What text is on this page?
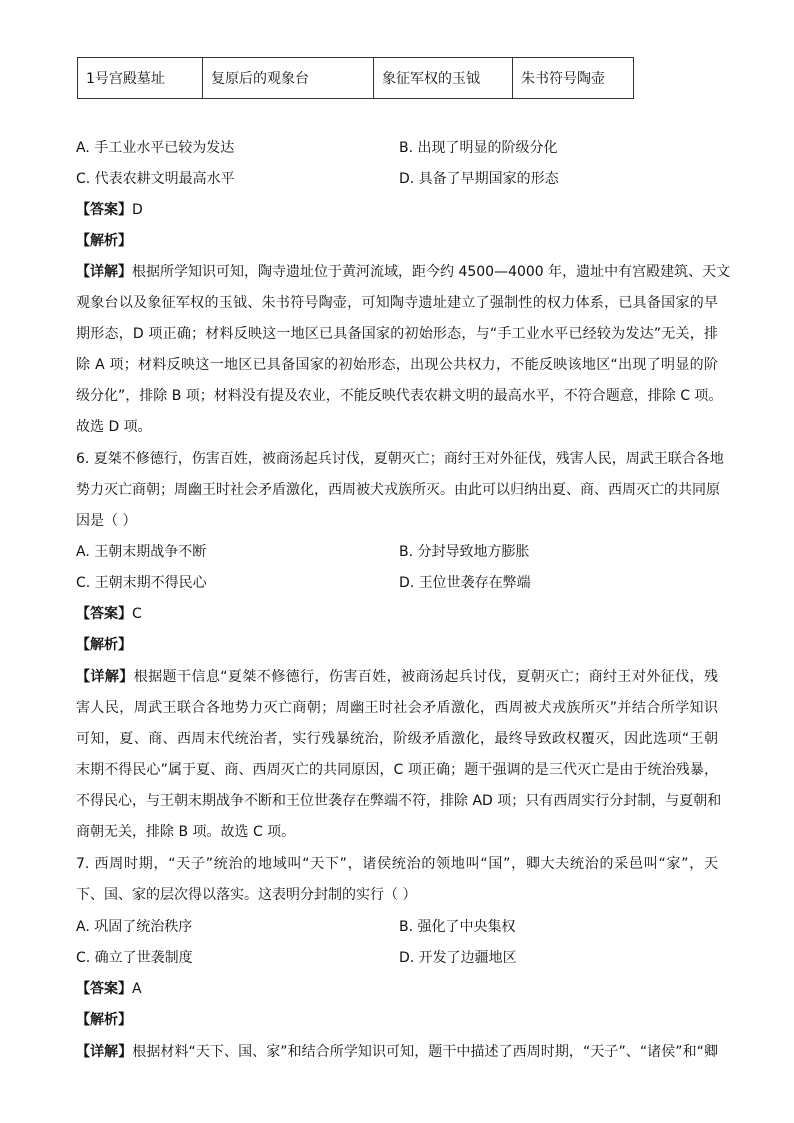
1号宫殿墓址	复原后的观象台	象征军权的玉钺	朱书符号陶壶
A. 手工业水平已较为发达	B. 出现了明显的阶级分化
C. 代表农耕文明最高水平	D. 具备了早期国家的形态
【答案】D
【解析】
【详解】根据所学知识可知，陶寺遗址位于黄河流域，距今约 4500—4000 年，遗址中有宫殿建筑、天文
观象台以及象征军权的玉钺、朱书符号陶壶，可知陶寺遗址建立了强制性的权力体系，已具备国家的早
期形态，D 项正确；材料反映这一地区已具备国家的初始形态，与“手工业水平已经较为发达”无关，排
除 A 项；材料反映这一地区已具备国家的初始形态，出现公共权力，不能反映该地区“出现了明显的阶
级分化”，排除 B 项；材料没有提及农业，不能反映代表农耕文明的最高水平，不符合题意，排除 C 项。
故选 D 项。
6. 夏桀不修德行，伤害百姓，被商汤起兵讨伐，夏朝灭亡；商纣王对外征伐，残害人民，周武王联合各地
势力灭亡商朝；周幽王时社会矛盾激化，西周被犬戎族所灭。由此可以归纳出夏、商、西周灭亡的共同原
因是（ ）
A. 王朝末期战争不断	B. 分封导致地方膨胀
C. 王朝末期不得民心	D. 王位世袭存在弊端
【答案】C
【解析】
【详解】根据题干信息“夏桀不修德行，伤害百姓，被商汤起兵讨伐，夏朝灭亡；商纣王对外征伐，残
害人民，周武王联合各地势力灭亡商朝；周幽王时社会矛盾激化，西周被犬戎族所灭”并结合所学知识
可知，夏、商、西周末代统治者，实行残暴统治，阶级矛盾激化，最终导致政权覆灭，因此选项“王朝
末期不得民心”属于夏、商、西周灭亡的共同原因，C 项正确；题干强调的是三代灭亡是由于统治残暴，
不得民心，与王朝末期战争不断和王位世袭存在弊端不符，排除 AD 项；只有西周实行分封制，与夏朝和
商朝无关，排除 B 项。故选 C 项。
7. 西周时期，“天子”统治的地域叫“天下”，诸侯统治的领地叫“国”，卿大夫统治的采邑叫“家”，天
下、国、家的层次得以落实。这表明分封制的实行（ ）
A. 巩固了统治秩序	B. 强化了中央集权
C. 确立了世袭制度	D. 开发了边疆地区
【答案】A
【解析】
【详解】根据材料“天下、国、家”和结合所学知识可知，题干中描述了西周时期，“天子”、“诸侯”和“卿
